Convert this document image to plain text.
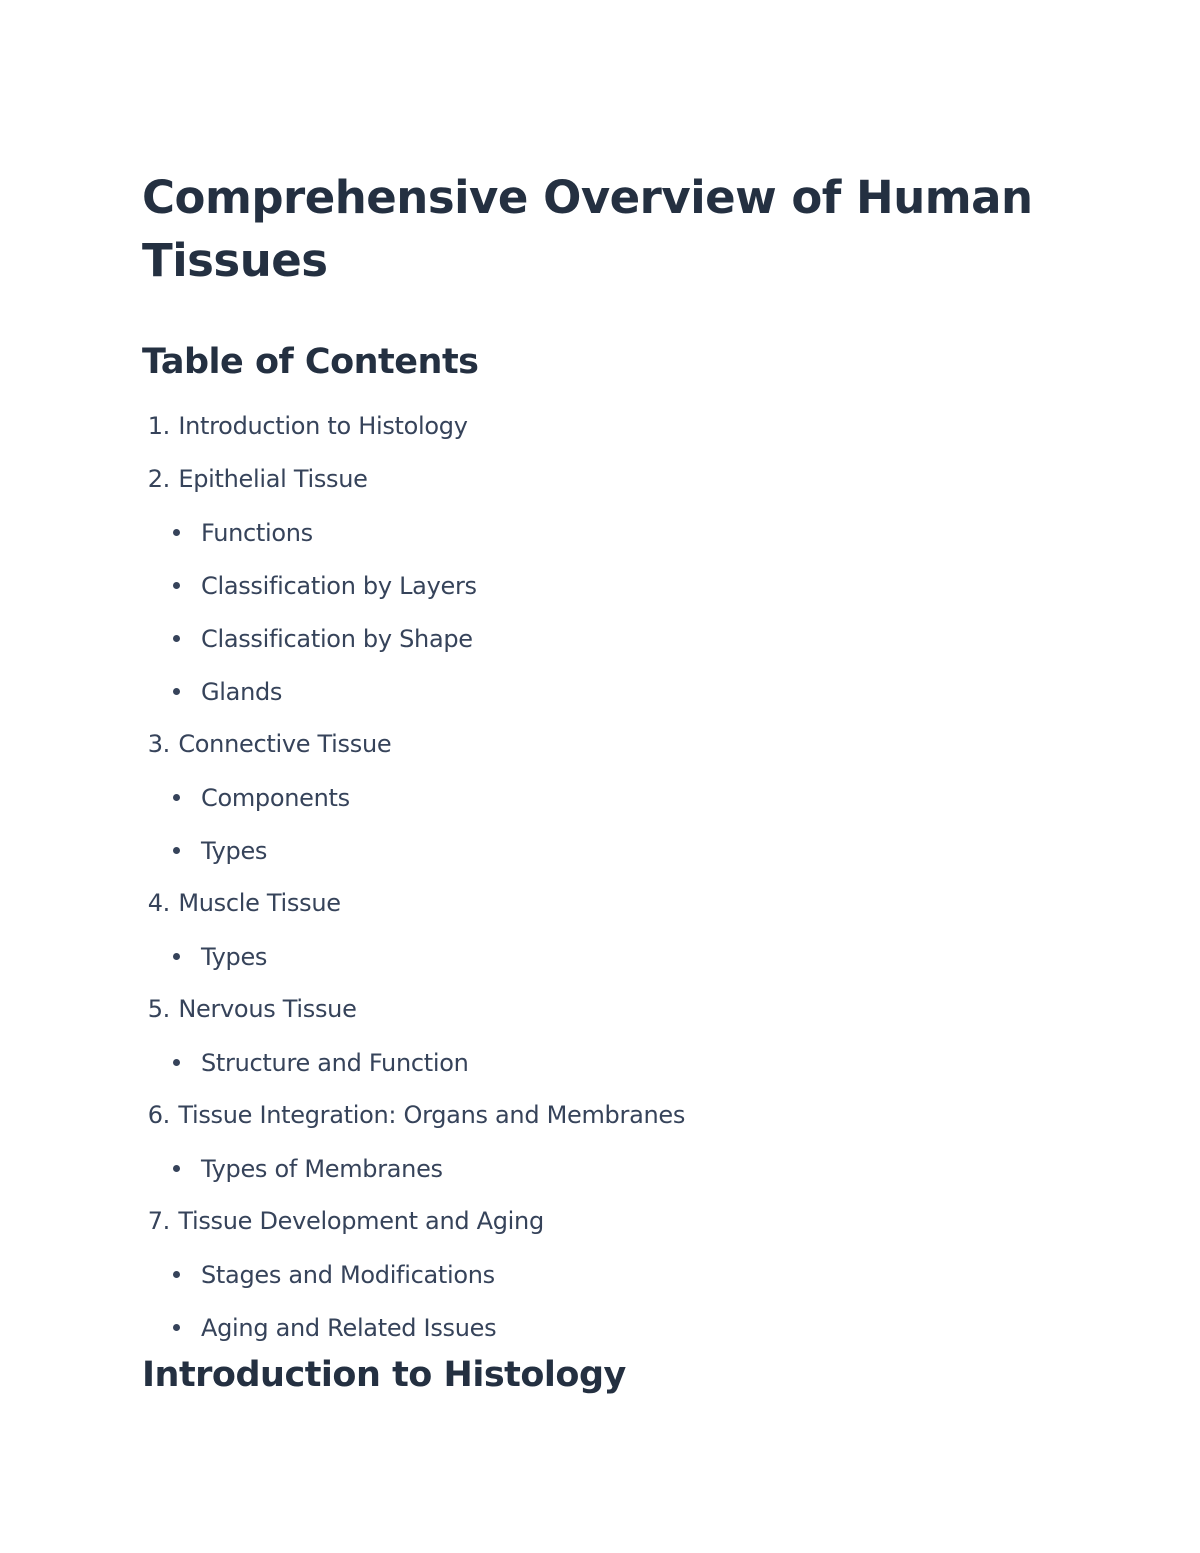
Comprehensive Overview of Human Tissues
Table of Contents
1.
Introduction to Histology
2.
Epithelial Tissue
Functions
Classification by Layers
Classification by Shape
Glands
3.
Connective Tissue
Components
Types
4.
Muscle Tissue
Types
5.
Nervous Tissue
Structure and Function
6.
Tissue Integration: Organs and Membranes
Types of Membranes
7.
Tissue Development and Aging
Stages and Modifications
Aging and Related Issues
Introduction to Histology
